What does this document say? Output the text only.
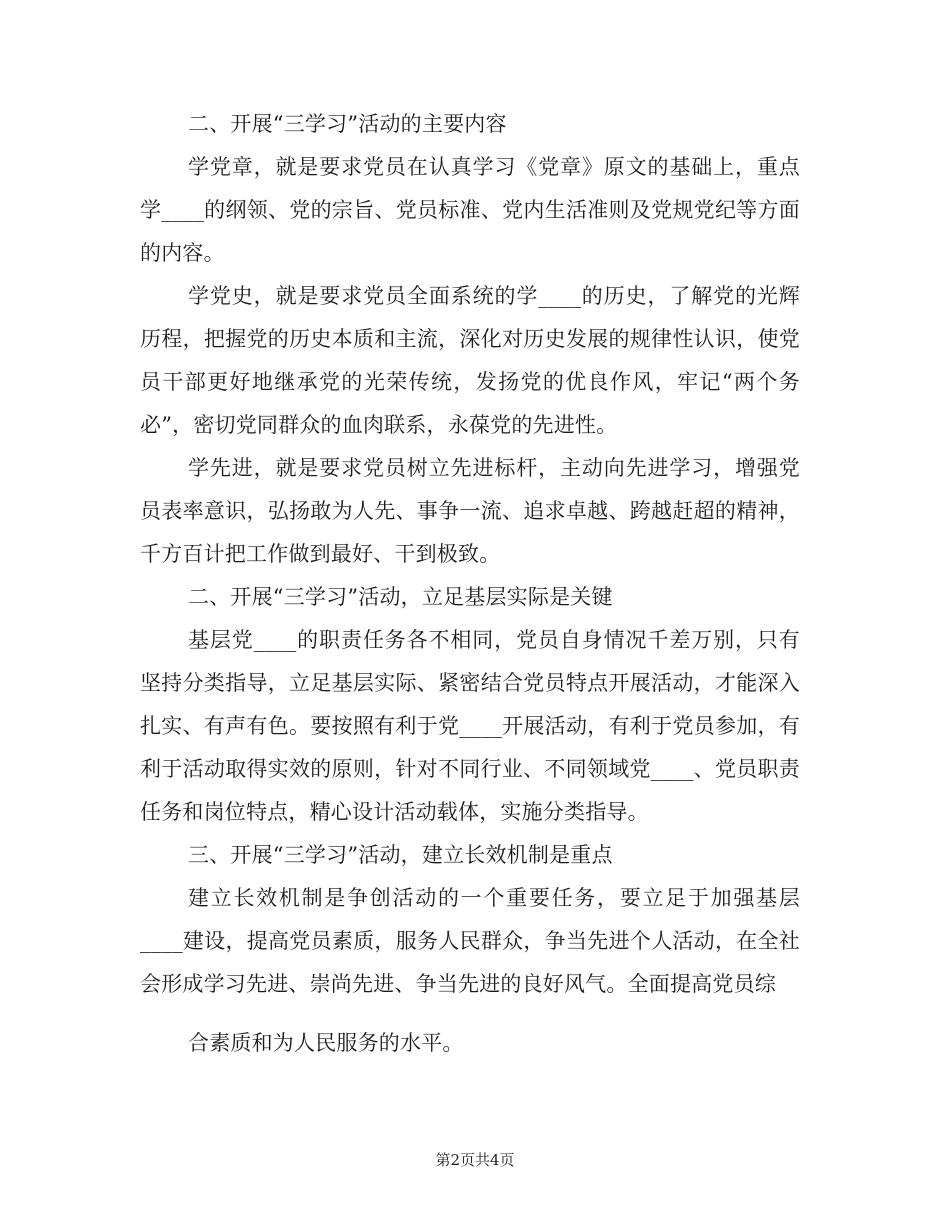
二、开展“三学习”活动的主要内容

学党章，就是要求党员在认真学习《党章》原文的基础上，重点学____的纲领、党的宗旨、党员标准、党内生活准则及党规党纪等方面的内容。

学党史，就是要求党员全面系统的学____的历史，了解党的光辉历程，把握党的历史本质和主流，深化对历史发展的规律性认识，使党员干部更好地继承党的光荣传统，发扬党的优良作风，牢记“两个务必”，密切党同群众的血肉联系，永葆党的先进性。

学先进，就是要求党员树立先进标杆，主动向先进学习，增强党员表率意识，弘扬敢为人先、事争一流、追求卓越、跨越赶超的精神，千方百计把工作做到最好、干到极致。

二、开展“三学习”活动，立足基层实际是关键

基层党____的职责任务各不相同，党员自身情况千差万别，只有坚持分类指导，立足基层实际、紧密结合党员特点开展活动，才能深入扎实、有声有色。要按照有利于党____开展活动，有利于党员参加，有利于活动取得实效的原则，针对不同行业、不同领域党____、党员职责任务和岗位特点，精心设计活动载体，实施分类指导。

三、开展“三学习”活动，建立长效机制是重点

建立长效机制是争创活动的一个重要任务，要立足于加强基层____建设，提高党员素质，服务人民群众，争当先进个人活动，在全社会形成学习先进、崇尚先进、争当先进的良好风气。全面提高党员综

合素质和为人民服务的水平。

第2页共4页
